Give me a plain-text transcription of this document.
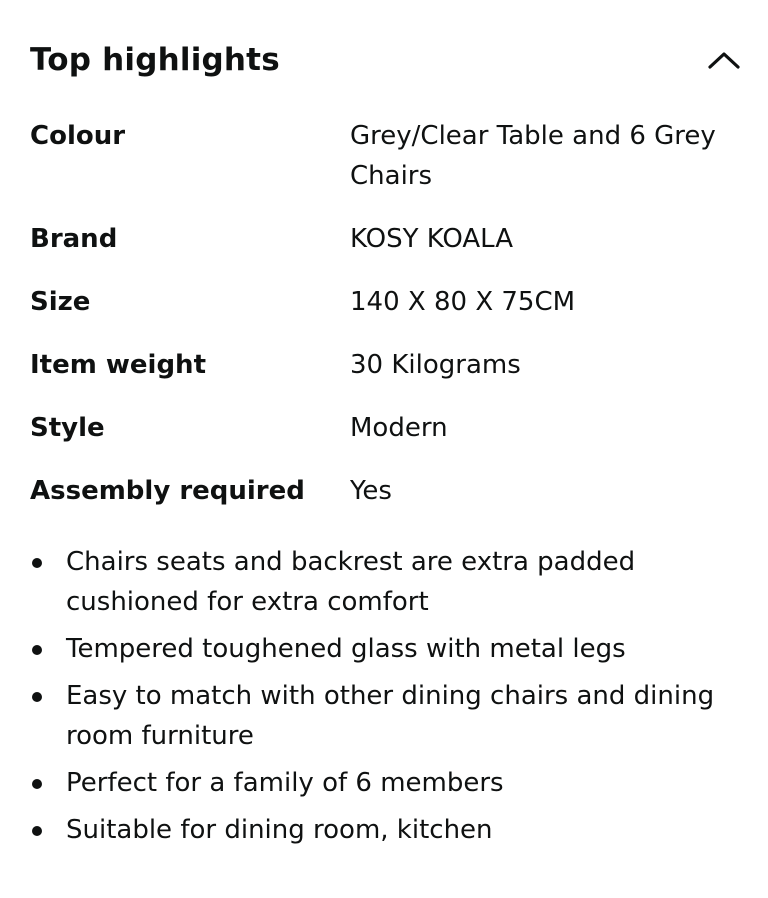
Top highlights
Colour	Grey/Clear Table and 6 Grey Chairs
Brand	KOSY KOALA
Size	140 X 80 X 75CM
Item weight	30 Kilograms
Style	Modern
Assembly required	Yes
Chairs seats and backrest are extra padded cushioned for extra comfort
Tempered toughened glass with metal legs
Easy to match with other dining chairs and dining room furniture
Perfect for a family of 6 members
Suitable for dining room, kitchen
